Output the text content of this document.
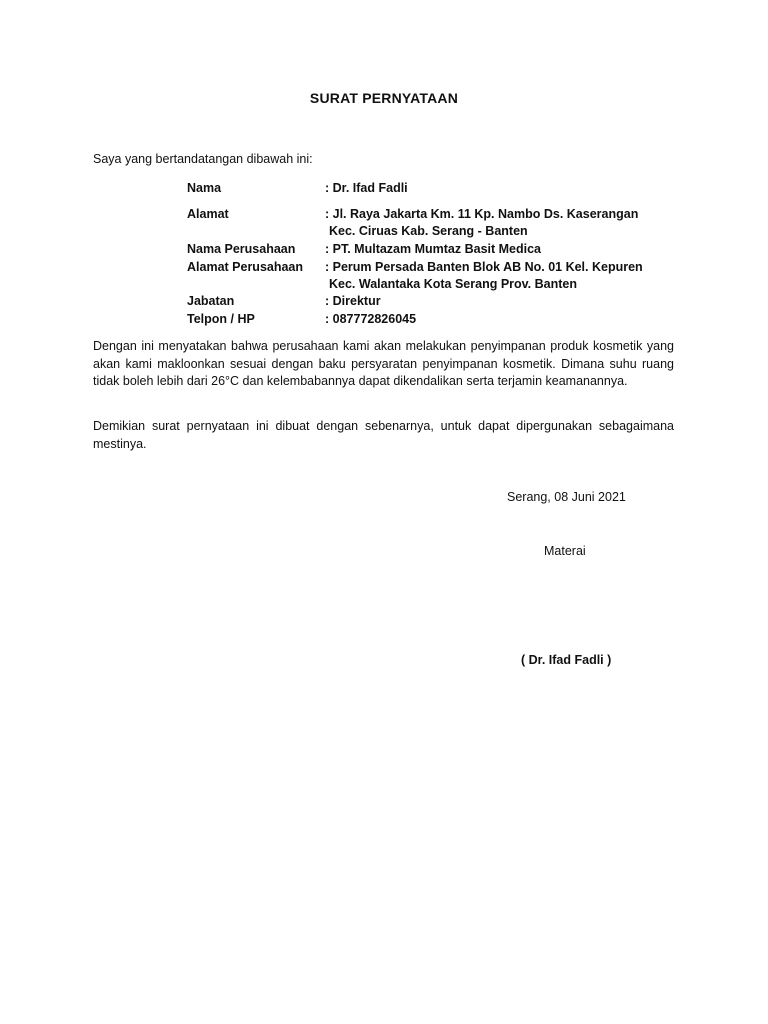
SURAT PERNYATAAN
Saya yang bertandatangan dibawah ini:
Nama	: Dr. Ifad Fadli
Alamat	: Jl. Raya Jakarta Km. 11 Kp. Nambo Ds. Kaserangan
Kec. Ciruas Kab. Serang - Banten
Nama Perusahaan : PT. Multazam Mumtaz Basit Medica
Alamat Perusahaan : Perum Persada Banten Blok AB No. 01 Kel. Kepuren
Kec. Walantaka Kota Serang Prov. Banten
Jabatan	: Direktur
Telpon / HP	: 087772826045
Dengan ini menyatakan bahwa perusahaan kami akan melakukan penyimpanan produk kosmetik yang akan kami makloonkan sesuai dengan baku persyaratan penyimpanan kosmetik. Dimana suhu ruang tidak boleh lebih dari 26°C dan kelembabannya dapat dikendalikan serta terjamin keamanannya.
Demikian surat pernyataan ini dibuat dengan sebenarnya, untuk dapat dipergunakan sebagaimana mestinya.
Serang, 08 Juni 2021
Materai
( Dr. Ifad Fadli )
